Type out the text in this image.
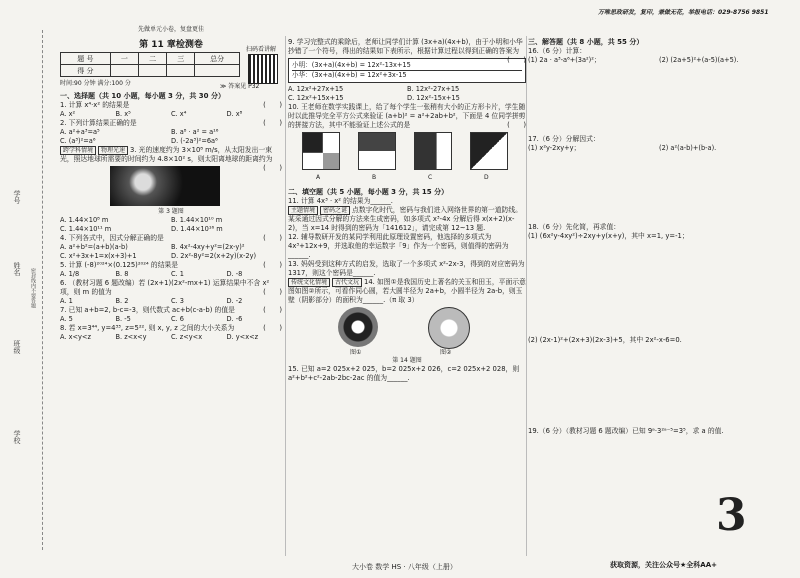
学号
姓名
班级
学校
密封线内不要答题
万唯思政研发，复印，兼做无花，举报电话：029-8756 9851
先做单元小卷，复盘更佳
第 11 章检测卷
题 号	一	二	三	总分
得 分				
扫码看讲解
时间:90 分钟 满分:100 分	≫ 答案见 P32
一、选择题（共 10 小题，每小题 3 分，共 30 分）
(　　)
1. 计算 x⁴·x² 的结果是
A. x²	B. x⁵	C. x⁴	D. x⁸
(　　)
2. 下列计算结果正确的是
A. a²+a³=a⁵	B. a⁸ · a² = a¹⁶
C. (a³)²=a⁶	D. (-2a³)²=6a⁶
跨学科情境 物理光速 3. 光的速度约为 3×10⁸ m/s，从太阳发出一束光，照达地球所需要的时间约为 4.8×10² s，则太阳离地球的距离约为
(　　)
第 3 题图
A. 1.44×10⁸ m	B. 1.44×10¹⁰ m
C. 1.44×10¹¹ m	D. 1.44×10¹⁶ m
(　　)
4. 下列各式中，因式分解正确的是
A. a²+b²=(a+b)(a-b)	B. 4x²-4xy+y²=(2x-y)²
C. x²+3x+1=x(x+3)+1	D. 2x²-8y²=2(x+2y)(x-2y)
(　　)
5. 计算 (-8)²⁰²⁴×(0.125)²⁰²⁴ 的结果是
A. 1/8	B. 8	C. 1	D. -8
6. （教材习题 6 题改编）若 (2x+1)(2x²-mx+1) 运算结果中不含 x² 项，则 m 的值为	(　　)
A. 1	B. 2	C. 3	D. -2
(　　)
7. 已知 a+b=2, b-c=-3，则代数式 ac+b(c-a-b) 的值是
A. 5	B. -5	C. 6	D. -6
(　　)
8. 若 x=3⁴⁴, y=4³³, z=5²², 则 x, y, z 之间的大小关系为
A. x<y<z	B. z<x<y	C. z<y<x	D. y<x<z
9. 学习完整式的乘除后，老师让同学们计算 (3x+a)(4x+b)，由于小明和小华抄错了一个符号，得出的结果如下表所示，根据计算过程以得到正确的答案为
(　　)
小明：(3x+a)(4x+b) = 12x²-13x+15
小华：(3x+a)(4x+b) = 12x²+3x-15
A. 12x²+27x+15	B. 12x²-27x+15
C. 12x²+15x+15	D. 12x²-15x+15
10. 王老师在数学实践课上，给了每个学生一张稍有大小的正方形卡片，学生随时以此推导完全平方公式来验证 (a+b)² = a²+2ab+b²，下面是 4 位同学拼剪的拼接方法，其中不能验证上述公式的是	(　　)
A	B	C	D
二、填空题（共 5 小题，每小题 3 分，共 15 分）
11. 计算 4x³ · x² 的结果为______.
主题情境 密码之谜 点数字化时代，密码与我们进入网络世界的第一道防线。某采通过因式分解的方法来生成密码，如多项式 x³-4x 分解后得 x(x+2)(x-2)，当 x=14 时得到的密码为「141612」，请完成第 12~13 题.
12. 辅导数研开发的某同学利用此原理设置密码，他选择的多项式为 4x³+12x+9，并选取他的幸运数字「9」作为一个密码，则值得的密码为______.
13. 妈妈受到这种方式的启发，选取了一个多项式 x²-2x-3，得到的对应密码为 1317，则这个密码是______.
传统文化情境 古代文玩 14. 如图①是我国历史上著名的关玉和田玉，平面示意图如图②所示，可看作同心圆，若大圆半径为 2a+b，小圆半径为 2a-b，则玉壁（阴影部分）的面积为______.（π 取 3）
图①	图②
第 14 题图
15. 已知 a=2 025x+2 025，b=2 025x+2 026，c=2 025x+2 028，则 a²+b²+c²-2ab-2bc-2ac 的值为______.
三、解答题（共 8 小题，共 55 分）
16.（6 分）计算：
(1) 2a · a³-a⁶+(3a²)²；	(2) (2a+5)²+(a-5)(a+5).
17.（6 分）分解因式：
(1) x²y-2xy+y；	(2) a²(a-b)+(b-a).
18.（6 分）先化简，再求值：
(1) (6x²y-4xy²)÷2xy+y(x+y)，其中 x=1, y=-1；
(2) (2x-1)²+(2x+3)(2x-3)+5，其中 2x²-x-6=0.
19.（6 分）（教材习题 6 题改编）已知 9ᵃ·3²ᵃ⁻⁵=3⁵，求 a 的值.
3
大小卷 数学 HS · 八年级（上册）	获取资源，关注公众号★全科AA+
